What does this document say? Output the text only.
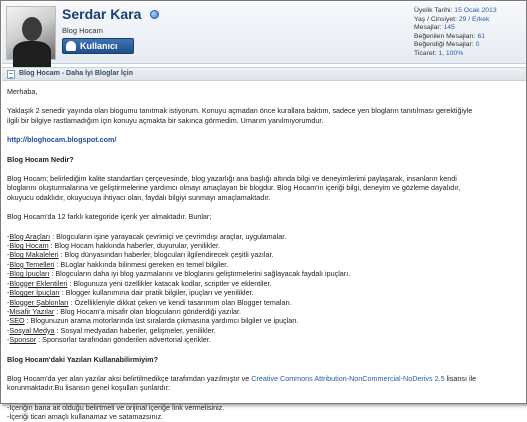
Serdar Kara
Blog Hocam
Kullanıcı
Üyelik Tarihi: 15 Ocak 2013
Yaş / Cinsiyet: 29 / Erkek
Mesajlar: 145
Beğenilen Mesajları: 61
Beğendiği Mesajlar: 0
Ticaret: 1, 100%
Blog Hocam - Daha İyi Bloglar İçin

Merhaba,

Yaklaşık 2 senedir yayında olan blogumu tanıtmak istiyorum. Konuyu açmadan önce kurallara baktım, sadece yen blogların tanıtılması gerektiğiyle

ilgili bir bilgiye rastlamadığım için konuyu açmakta bir sakınca görmedim. Umarım yanılmıyorumdur.

http://bloghocam.blogspot.com/

Blog Hocam Nedir?

Blog Hocam; belirlediğim kalite standartları çerçevesinde, blog yazarlığı ana başlığı altında bilgi ve deneyimlerimi paylaşarak, insanların kendi

bloglarını oluşturmalarına ve geliştirmelerine yardımcı olmayı amaçlayan bir blogdur. Blog Hocam'ın içeriği bilgi, deneyim ve gözleme dayalıdır,

okuyucu odaklıdır, okuyucuya ihtiyacı olan, faydalı bilgiyi sunmayı amaçlamaktadır.

Blog Hocam'da 12 farklı kategoride içerik yer almaktadır. Bunlar;

-Blog Araçları : Blogcuların işine yarayacak çevrimiçi ve çevrimdışı araçlar, uygulamalar.

-Blog Hocam : Blog Hocam hakkında haberler, duyurular, yenilikler.

-Blog Makaleleri : Blog dünyasından haberler, blogcuları ilgilendirecek çeşitli yazılar.

-Blog Temelleri : BLoglar hakkında bilinmesi gereken en temel bilgiler.

-Blog İpuçları : Blogcuların daha iyi blog yazmalarını ve bloglarını geliştirmelerini sağlayacak faydalı ipuçları.

-Blogger Eklentileri : Blogunuza yeni özellikler katacak kodlar, scriptler ve eklentiler.

-Blogger İpuçları : Blogger kullanımına dair pratik bilgiler, ipuçları ve yenilikler.

-Blogger Şablonları : Özellikleriyle dikkat çeken ve kendi tasarımım olan Blogger temaları.

-Misafir Yazılar : Blog Hocam'a misafir olan blogcuların gönderdiği yazılar.

-SEO : Blogunuzun arama motorlarında üst sıralarda çıkmasına yardımcı bilgiler ve ipuçları.

-Sosyal Medya : Sosyal medyadan haberler, gelişmeler, yenilikler.

-Sponsor : Sponsorlar tarafından gönderilen advertorial içerikler.

Blog Hocam'daki Yazıları Kullanabilirmiyim?

Blog Hocam'da yer alan yazılar aksi belirtilmedikçe tarafımdan yazılmıştır ve Creative Commons Attribution-NonCommercial-NoDerivs 2.5 lisansı ile

korunmaktadır.Bu lisansın genel koşulları şunlardır:

-İçeriğin bana ait olduğu belirtmeli ve orijinal içeriğe link vermelisiniz.

-İçeriği ticari amaçlı kullanamaz ve satamazsınız.
